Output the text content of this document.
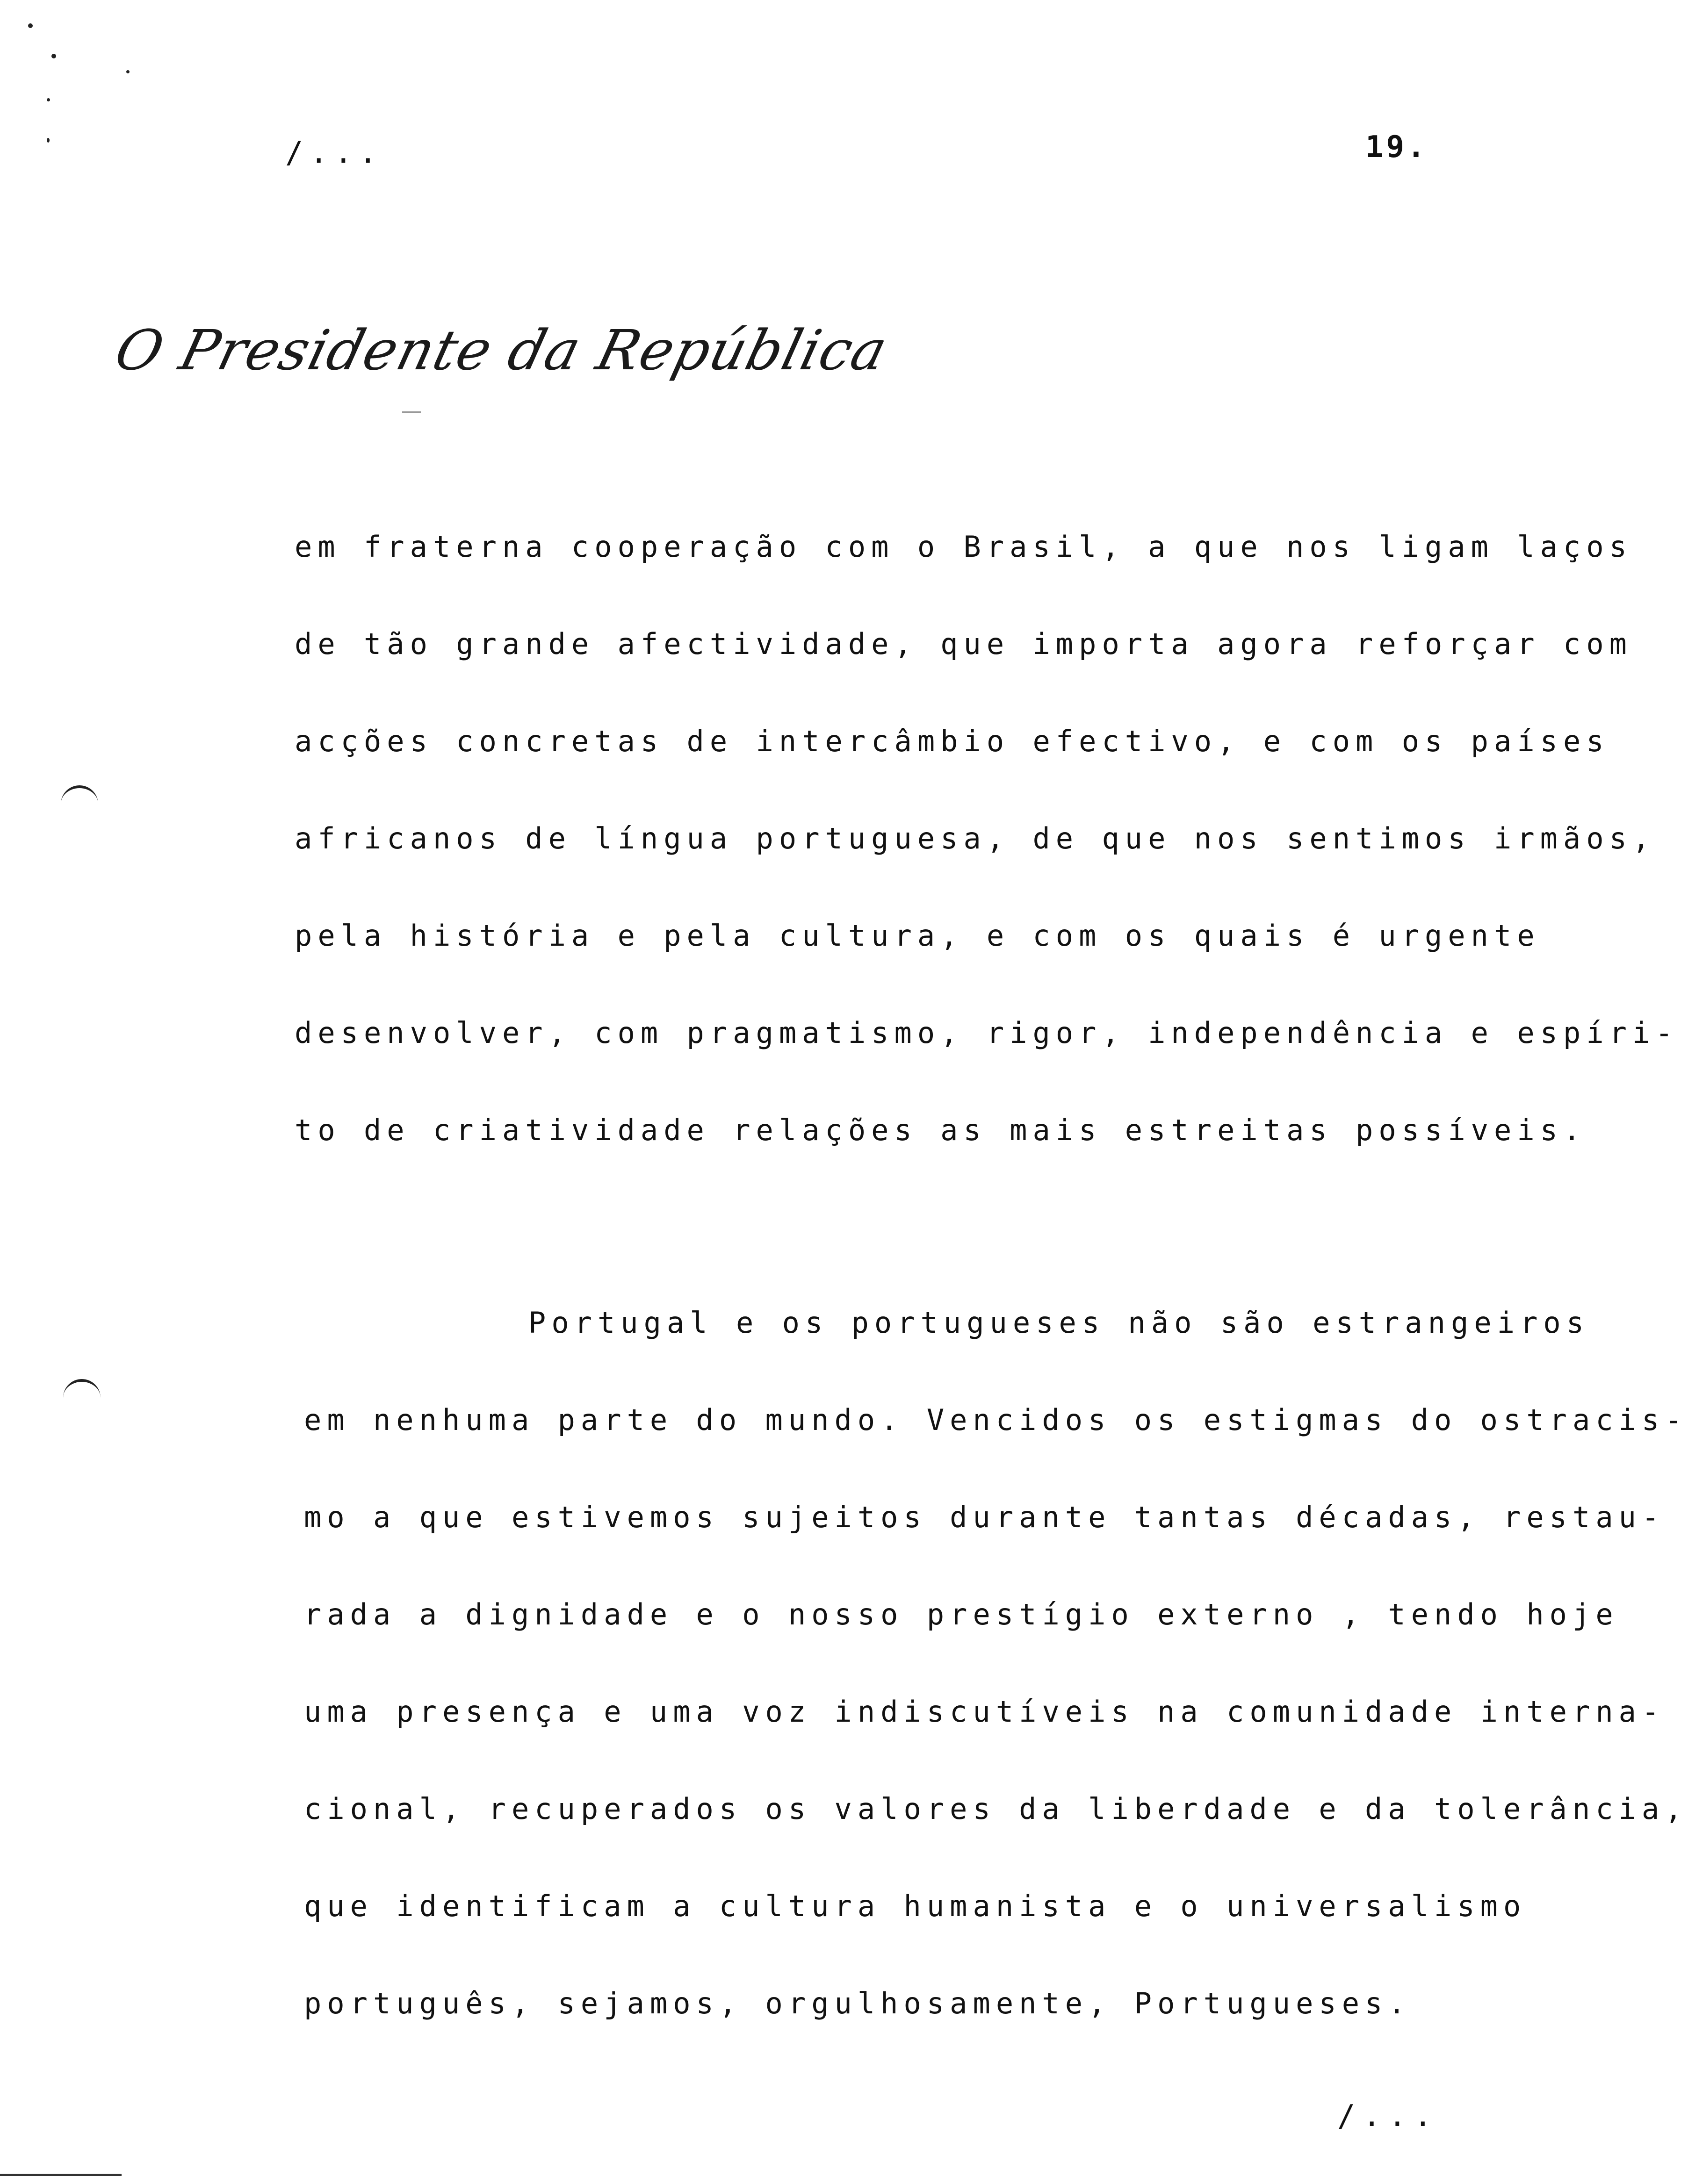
/...	19.
O Presidente da República
em fraterna cooperação com o Brasil, a que nos ligam laços
de tão grande afectividade, que importa agora reforçar com
acções concretas de intercâmbio efectivo, e com os países
africanos de língua portuguesa, de que nos sentimos irmãos,
pela história e pela cultura, e com os quais é urgente
desenvolver, com pragmatismo, rigor, independência e espíri-
to de criatividade relações as mais estreitas possíveis.
Portugal e os portugueses não são estrangeiros
em nenhuma parte do mundo. Vencidos os estigmas do ostracis-
mo a que estivemos sujeitos durante tantas décadas, restau-
rada a dignidade e o nosso prestígio externo , tendo hoje
uma presença e uma voz indiscutíveis na comunidade interna-
cional, recuperados os valores da liberdade e da tolerância,
que identificam a cultura humanista e o universalismo
português, sejamos, orgulhosamente, Portugueses.
/...
